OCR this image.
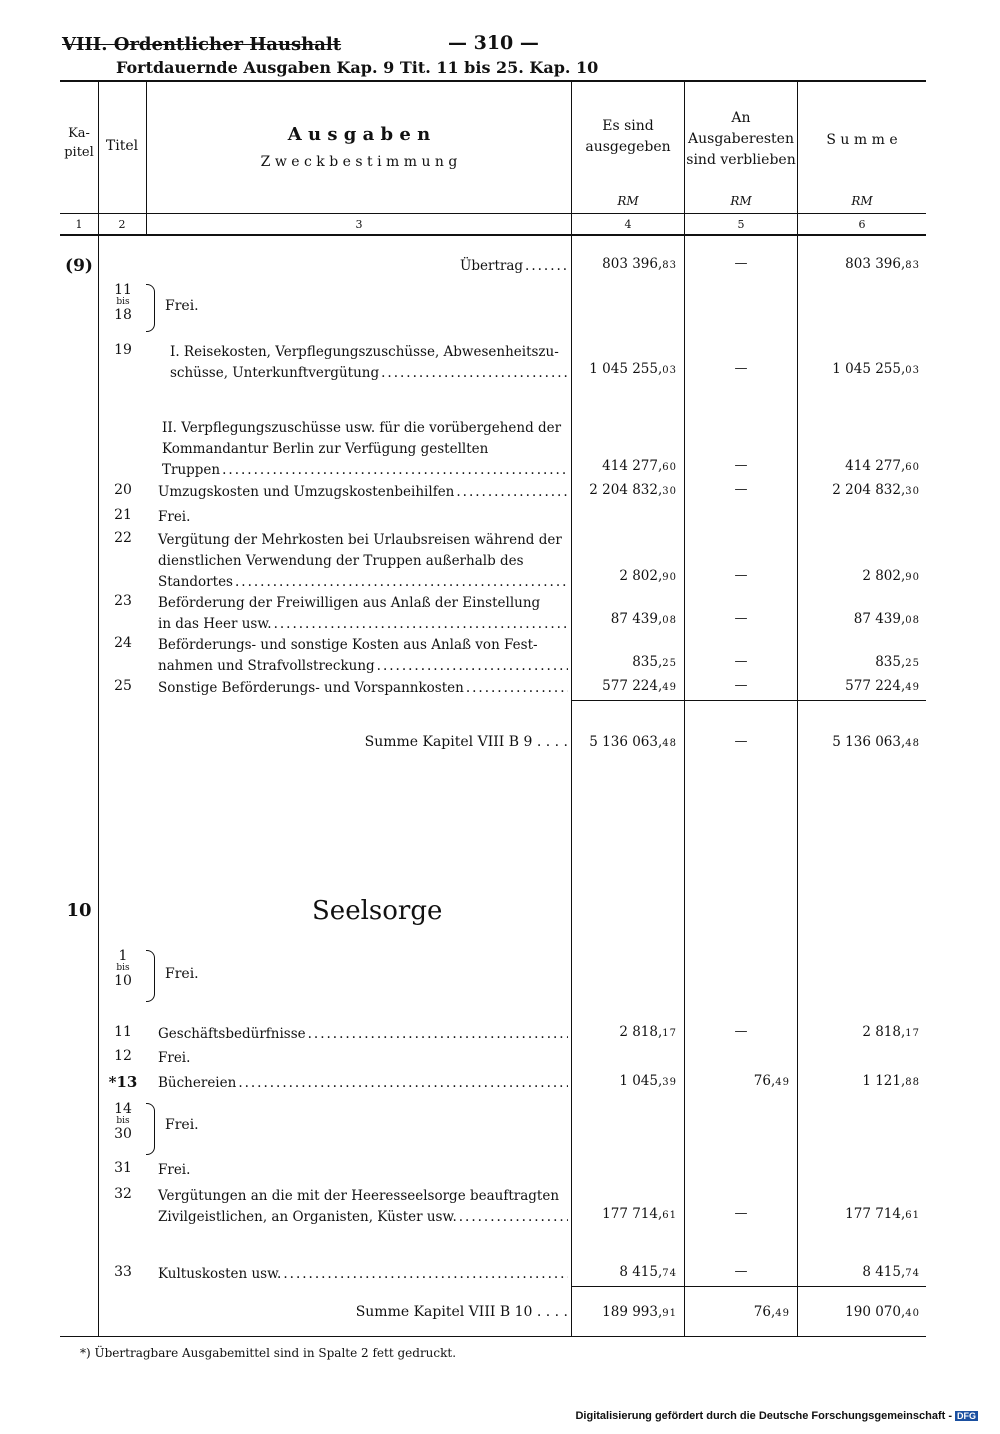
VIII. Ordentlicher Haushalt	— 310 —
Fortdauernde Ausgaben Kap. 9 Tit. 11 bis 25. Kap. 10
Ka-
pitel Titel
A u s g a b e n
Z w e c k b e s t i m m u n g
Es sind
ausgegeben
An
Ausgaberesten
sind verblieben
S u m m e
RM	RM	RM
1	2	3	4	5	6
(9)	Übertrag .....	803 396,83	—	803 396,83
11
bis
18
Frei.
19	I. Reisekosten, Verpflegungszuschüsse, Abwesenheitszu-
schüsse, Unterkunftvergütung .....	1 045 255,03	—	1 045 255,03
II. Verpflegungszuschüsse usw. für die vorübergehend der
Kommandantur Berlin zur Verfügung gestellten
Truppen .....	414 277,60	—	414 277,60
20	Umzugskosten und Umzugskostenbeihilfen .....	2 204 832,30	—	2 204 832,30
21	Frei.
22	Vergütung der Mehrkosten bei Urlaubsreisen während der
dienstlichen Verwendung der Truppen außerhalb des
Standortes
.....	2 802,90	—	2 802,90
23	Beförderung der Freiwilligen aus Anlaß der Einstellung
in das Heer usw. .....	87 439,08	—	87 439,08
24	Beförderungs- und sonstige Kosten aus Anlaß von Fest-
nahmen und Strafvollstreckung .....	835,25	—	835,25
25	Sonstige Beförderungs- und Vorspannkosten .....	577 224,49	—	577 224,49
Summe Kapitel VIII B 9 . . . . 5 136 063,48	—	5 136 063,48
10	Seelsorge
1
bis
10	Frei.
11	Geschäftsbedürfnisse .....	2 818,17	—	2 818,17
12	Frei.
*13	Büchereien .....	1 045,39	76,49	1 121,88
14
bis
30
Frei.
31	Frei.
32	Vergütungen an die mit der Heeresseelsorge beauftragten
Zivilgeistlichen, an Organisten, Küster usw. .....	177 714,61	—	177 714,61
33	Kultuskosten usw. .....	8 415,74	—	8 415,74
Summe Kapitel VIII B 10 . . . .	189 993,91	76,49	190 070,40
*) Übertragbare Ausgabemittel sind in Spalte 2 fett gedruckt.
Digitalisierung gefördert durch die Deutsche Forschungsgemeinschaft - DFG
